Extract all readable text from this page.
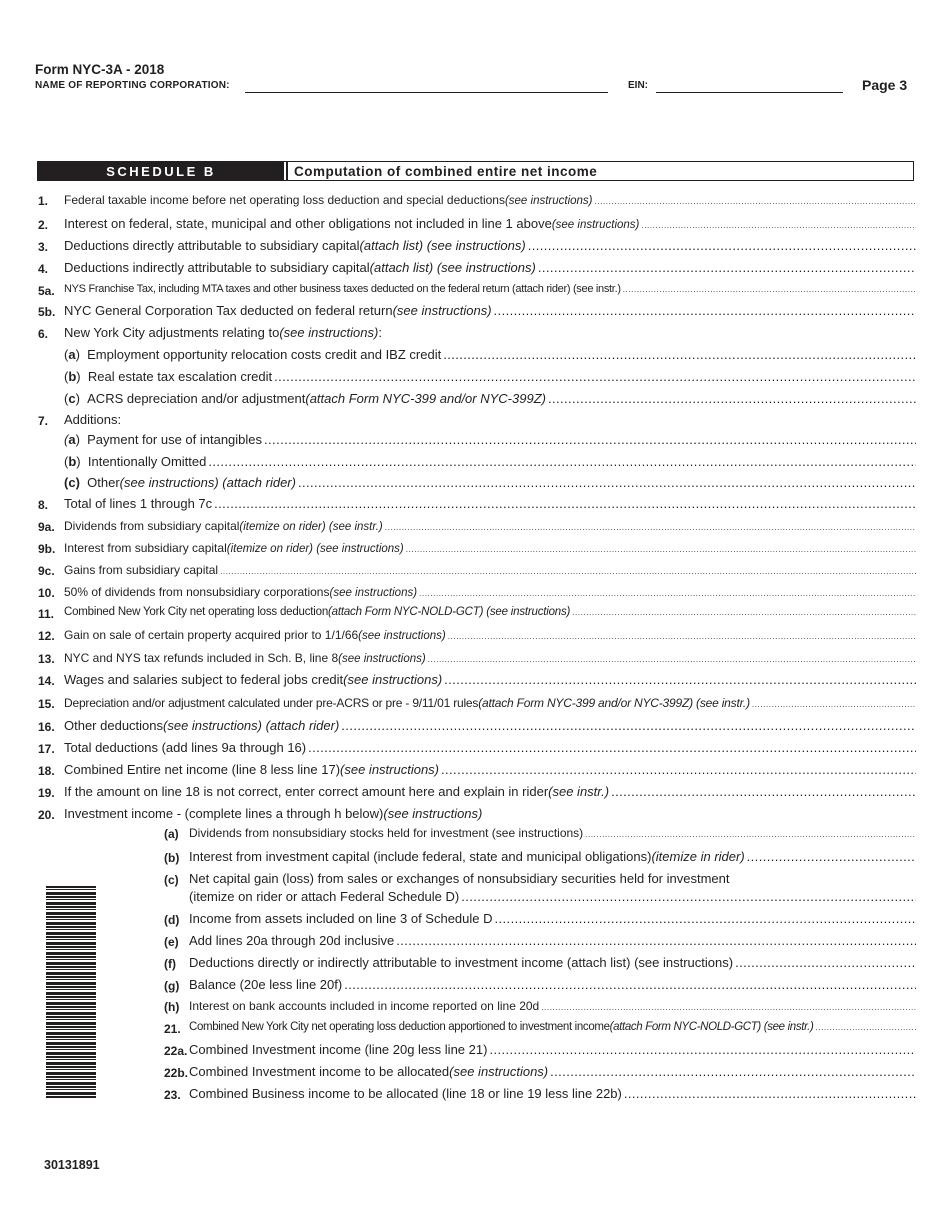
Form NYC-3A - 2018
NAME OF REPORTING CORPORATION:	EIN:	Page 3
SCHEDULE B	Computation of combined entire net income
1. Federal taxable income before net operating loss deduction and special deductions (see instructions)
.....
2. Interest on federal, state, municipal and other obligations not included in line 1 above (see instructions)
.....
3. Deductions directly attributable to subsidiary capital (attach list) (see instructions)
.....
4. Deductions indirectly attributable to subsidiary capital (attach list) (see instructions)
.....
5a. NYS Franchise Tax, including MTA taxes and other business taxes deducted on the federal return (attach rider) (see instr.)
.....
5b. NYC General Corporation Tax deducted on federal return (see instructions)
.....
6. New York City adjustments relating to (see instructions) :
(a) Employment opportunity relocation costs credit and IBZ credit
.....
(b) Real estate tax escalation credit
.....
(c) ACRS depreciation and/or adjustment (attach Form NYC-399 and/or NYC-399Z)
.....
7. Additions:
(a) Payment for use of intangibles
.....
(b) Intentionally Omitted
.....
(c) Other (see instructions) (attach rider)
.....
8. Total of lines 1 through 7c
.....
9a. Dividends from subsidiary capital (itemize on rider) (see instr.)
.....
9b. Interest from subsidiary capital (itemize on rider) (see instructions)
.....
9c. Gains from subsidiary capital
.....
10. 50% of dividends from nonsubsidiary corporations (see instructions)
.....
11. Combined New York City net operating loss deduction (attach Form NYC-NOLD-GCT) (see instructions)
.....
12. Gain on sale of certain property acquired prior to 1/1/66 (see instructions)
.....
13. NYC and NYS tax refunds included in Sch. B, line 8 (see instructions)
.....
14. Wages and salaries subject to federal jobs credit (see instructions)
.....
15. Depreciation and/or adjustment calculated under pre-ACRS or pre - 9/11/01 rules (attach Form NYC-399 and/or NYC-399Z) (see instr.)
.....
16. Other deductions (see instructions) (attach rider)
.....
17. Total deductions (add lines 9a through 16)
.....
18. Combined Entire net income (line 8 less line 17) (see instructions)
.....
19. If the amount on line 18 is not correct, enter correct amount here and explain in rider (see instr.)
.....
20. Investment income - (complete lines a through h below) (see instructions)
(a) Dividends from nonsubsidiary stocks held for investment (see instructions)
.....
(b) Interest from investment capital (include federal, state and municipal obligations) (itemize in rider)
.....
(c) Net capital gain (loss) from sales or exchanges of nonsubsidiary securities held for investment
(itemize on rider or attach Federal Schedule D)
.....
(d) Income from assets included on line 3 of Schedule D
.....
(e) Add lines 20a through 20d inclusive
.....
(f) Deductions directly or indirectly attributable to investment income (attach list) (see instructions)
.....
(g) Balance (20e less line 20f)
.....
(h) Interest on bank accounts included in income reported on line 20d
.....
21. Combined New York City net operating loss deduction apportioned to investment income (attach Form NYC-NOLD-GCT) (see instr.)
.....
22a. Combined Investment income (line 20g less line 21)
.....
22b. Combined Investment income to be allocated (see instructions)
.....
23. Combined Business income to be allocated (line 18 or line 19 less line 22b)
.....
30131891
